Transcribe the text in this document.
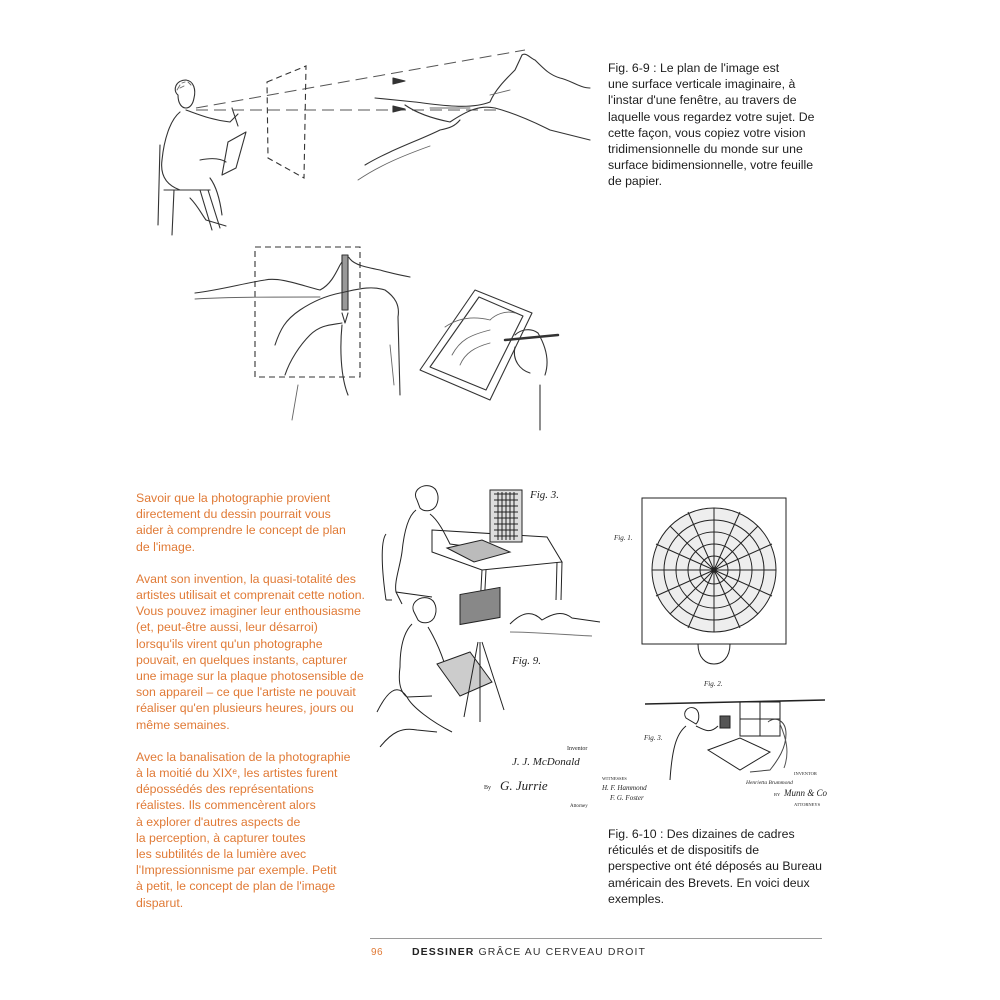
Fig. 6-9 : Le plan de l'image est
une surface verticale imaginaire, à
l'instar d'une fenêtre, au travers de
laquelle vous regardez votre sujet. De
cette façon, vous copiez votre vision
tridimensionnelle du monde sur une
surface bidimensionnelle, votre feuille
de papier.

Savoir que la photographie provient
directement du dessin pourrait vous
aider à comprendre le concept de plan
de l'image.

Avant son invention, la quasi-totalité des
artistes utilisait et comprenait cette notion.
Vous pouvez imaginer leur enthousiasme
(et, peut-être aussi, leur désarroi)
lorsqu'ils virent qu'un photographe
pouvait, en quelques instants, capturer
une image sur la plaque photosensible de
son appareil – ce que l'artiste ne pouvait
réaliser qu'en plusieurs heures, jours ou
même semaines.

Avec la banalisation de la photographie
à la moitié du XIXᵉ, les artistes furent
dépossédés des représentations
réalistes. Ils commencèrent alors
à explorer d'autres aspects de
la perception, à capturer toutes
les subtilités de la lumière avec
l'Impressionnisme par exemple. Petit
à petit, le concept de plan de l'image
disparut.

Fig. 3.
Fig. 9.
Inventor
J. J. McDonald
By G. Jurrie
Attorney
Fig. 1.
Fig. 2.
Fig. 3.
WITNESSES
H. F. Hammond
F. G. Foster
INVENTOR
Henrietta Brummond
BY Munn & Co
ATTORNEYS
Fig. 6-10 : Des dizaines de cadres
réticulés et de dispositifs de
perspective ont été déposés au Bureau
américain des Brevets. En voici deux
exemples.
96	DESSINER GRÂCE AU CERVEAU DROIT
